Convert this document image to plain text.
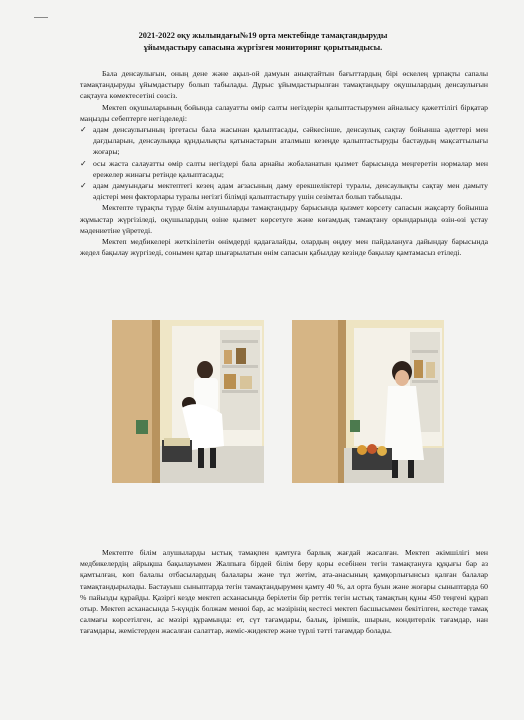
2021-2022 оқу жылындағы№19 орта мектебінде тамақтандыруды
ұйымдастыру сапасына жүргізген мониторинг қорытындысы.

Бала денсаулығын, оның дене және ақыл-ой дамуын анықтайтын бағыттардың бірі өскелең ұрпақты сапалы тамақтандыруды ұйымдастыру болып табылады. Дұрыс ұйымдастырылған тамақтандыру оқушылардың денсаулығын сақтауға көмектесетіні сөзсіз.

Мектеп оқушыларының бойында салауатты өмір салты негіздерін қалыптастырумен айналысу қажеттілігі бірқатар маңызды себептерге негізделеді:

✓ адам денсаулығының іргетасы бала жасынан қалыптасады, сәйкесінше, денсаулық сақтау бойынша әдеттері мен дағдыларын, денсаулыққа құндылықты қатынастарын аталмыш кезеңде қалыптастыруды бастаудың мақсаттылығы жоғары;
✓ осы жаста салауатты өмір салты негіздері бала арнайы жобаланатын қызмет барысында меңгеретін нормалар мен ережелер жинағы ретінде қалыптасады;
✓ адам дамуындағы мектептегі кезең адам ағзасының даму ерекшеліктері туралы, денсаулықты сақтау мен дамыту әдістері мен факторлары туралы негізгі білімді қалыптастыру үшін сезімтал болып табылады.

Мектепте тұрақты түрде білім алушыларды тамақтандыру барысында қызмет көрсету сапасын жақсарту бойынша жұмыстар жүргізіледі, оқушылардың өзіне қызмет көрсетуге және көғамдық тамақтану орындарында өзін-өзі ұстау мәдениетіне үйретеді.

Мектеп медбикелері жеткізілетін өнімдерді қадағалайды, олардың өңдеу мен пайдалануға дайындау барысында жедел бақылау жүргізеді, сонымен қатар шығарылатын өнім сапасын қабылдау кезінде бақылау қамтамасыз етіледі.

Мектепте білім алушыларды ыстық тамақпен қамтуға барлық жағдай жасалған. Мектеп әкімшілігі мен медбикелердің айрықша бақылауымен Жалпыға бірдей білім беру қоры есебінен тегін тамақтануға құқығы бар аз қамтылған, көп балалы отбасылардың балалары және тұл жетім, ата-анасының қамқорлығынсыз қалған балалар тамақтандырылады. Бастауыш сыныптарда тегін тамақтандырумен қамту 40 %, ал орта буын және жоғары сыныптарда 60 % пайызды құрайды. Қазіргі кезде мектеп асханасында берілетін бір реттік тегін ыстық тамақтың құны 450 теңгені құрап отыр. Мектеп асханасында 5-күндік болжам менюі бар, ас мәзірінің кестесі мектеп басшысымен бекітілген, кестеде тамақ салмағы көрсетілген, ас мәзірі құрамында: ет, сүт тағамдары, балық, ірімшік, шырын, кондитерлік тағамдар, нан тағамдары, жемістерден жасалған салаттар, жеміс-жидектер және түрлі тәтті тағамдар болады.
